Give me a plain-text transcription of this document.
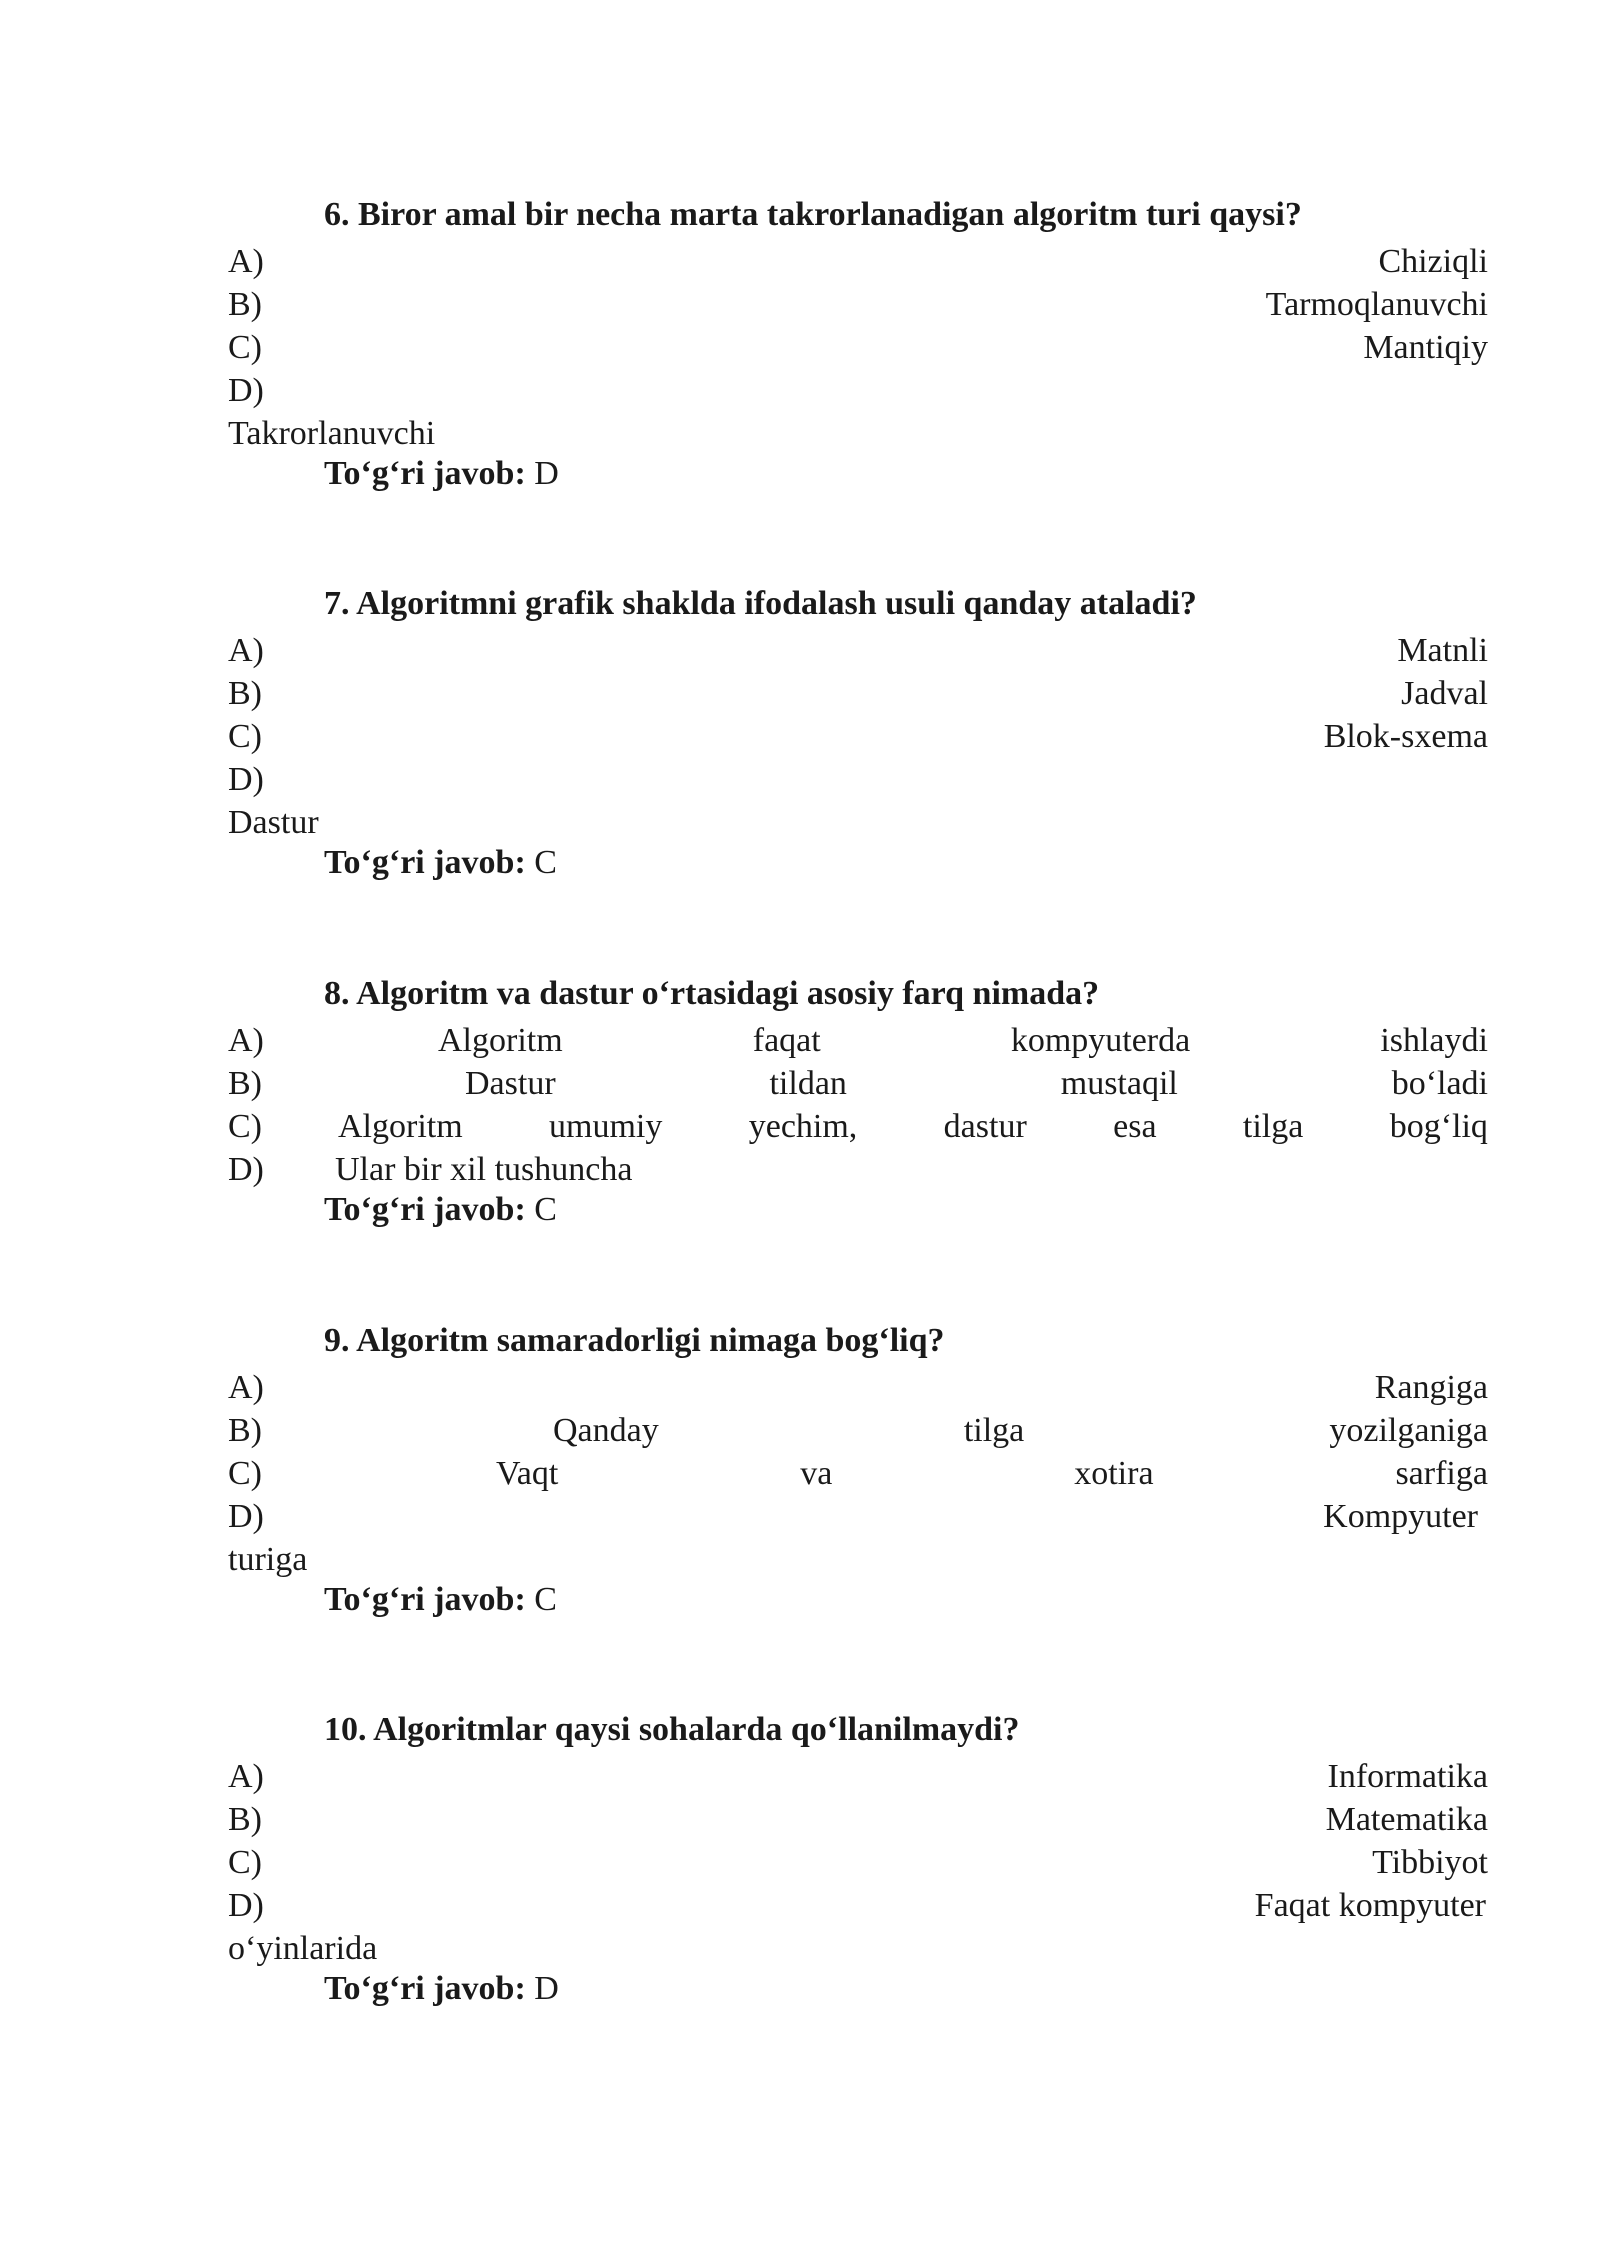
6. Biror amal bir necha marta takrorlanadigan algoritm turi qaysi?
A)	Chiziqli
B)	Tarmoqlanuvchi
C)	Mantiqiy
D)
Takrorlanuvchi
To‘g‘ri javob: D
7. Algoritmni grafik shaklda ifodalash usuli qanday ataladi?
A)	Matnli
B)	Jadval
C)	Blok-sxema
D)
Dastur
To‘g‘ri javob: C
8. Algoritm va dastur o‘rtasidagi asosiy farq nimada?
A)	Algoritm	faqat	kompyuterda	ishlaydi
B)	Dastur	tildan	mustaqil	bo‘ladi
C) Algoritm	umumiy	yechim,	dastur	esa	tilga	bog‘liq
D) Ular bir xil tushuncha
To‘g‘ri javob: C
9. Algoritm samaradorligi nimaga bog‘liq?
A)	Rangiga
B)	Qanday	tilga	yozilganiga
C)	Vaqt	va	xotira	sarfiga
D)	Kompyuter
turiga
To‘g‘ri javob: C
10. Algoritmlar qaysi sohalarda qo‘llanilmaydi?
A)	Informatika
B)	Matematika
C)	Tibbiyot
D)	Faqat kompyuter
o‘yinlarida
To‘g‘ri javob: D
